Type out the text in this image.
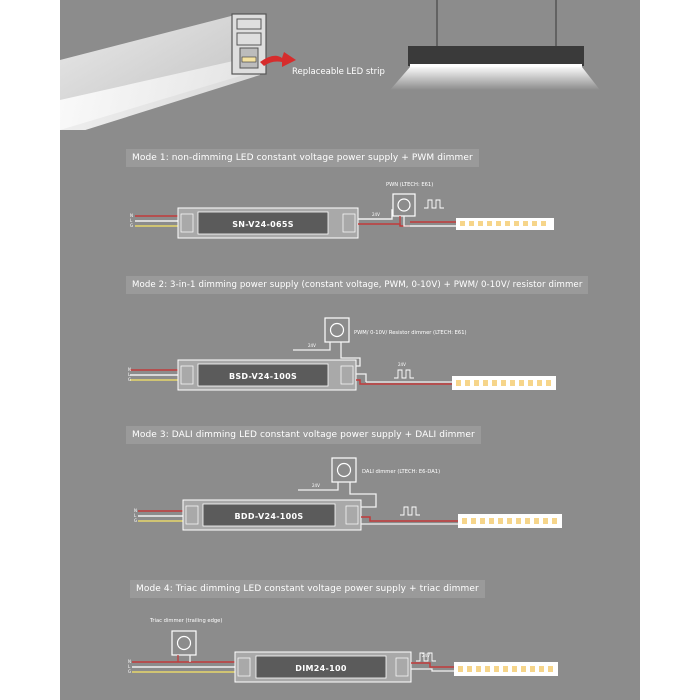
Replaceable LED strip
Mode 1: non-dimming LED constant voltage power supply + PWM dimmer
Mode 2: 3-in-1 dimming power supply (constant voltage, PWM, 0-10V) + PWM/ 0-10V/ resistor dimmer
Mode 3: DALI dimming LED constant voltage power supply + DALI dimmer
Mode 4: Triac dimming LED constant voltage power supply + triac dimmer
N
L
G	SN-V24-065S
24V
PWN (LTECH: E61)
N
L
G	BSD-V24-100S
PWM/ 0-10V/ Resistor dimmer (LTECH: E61)
24V
24V
N
L
G	BDD-V24-100S
DALI dimmer (LTECH: E6-DA1)
24V
N
L
G
Triac dimmer (trailing edge)
DIM24-100
24V
